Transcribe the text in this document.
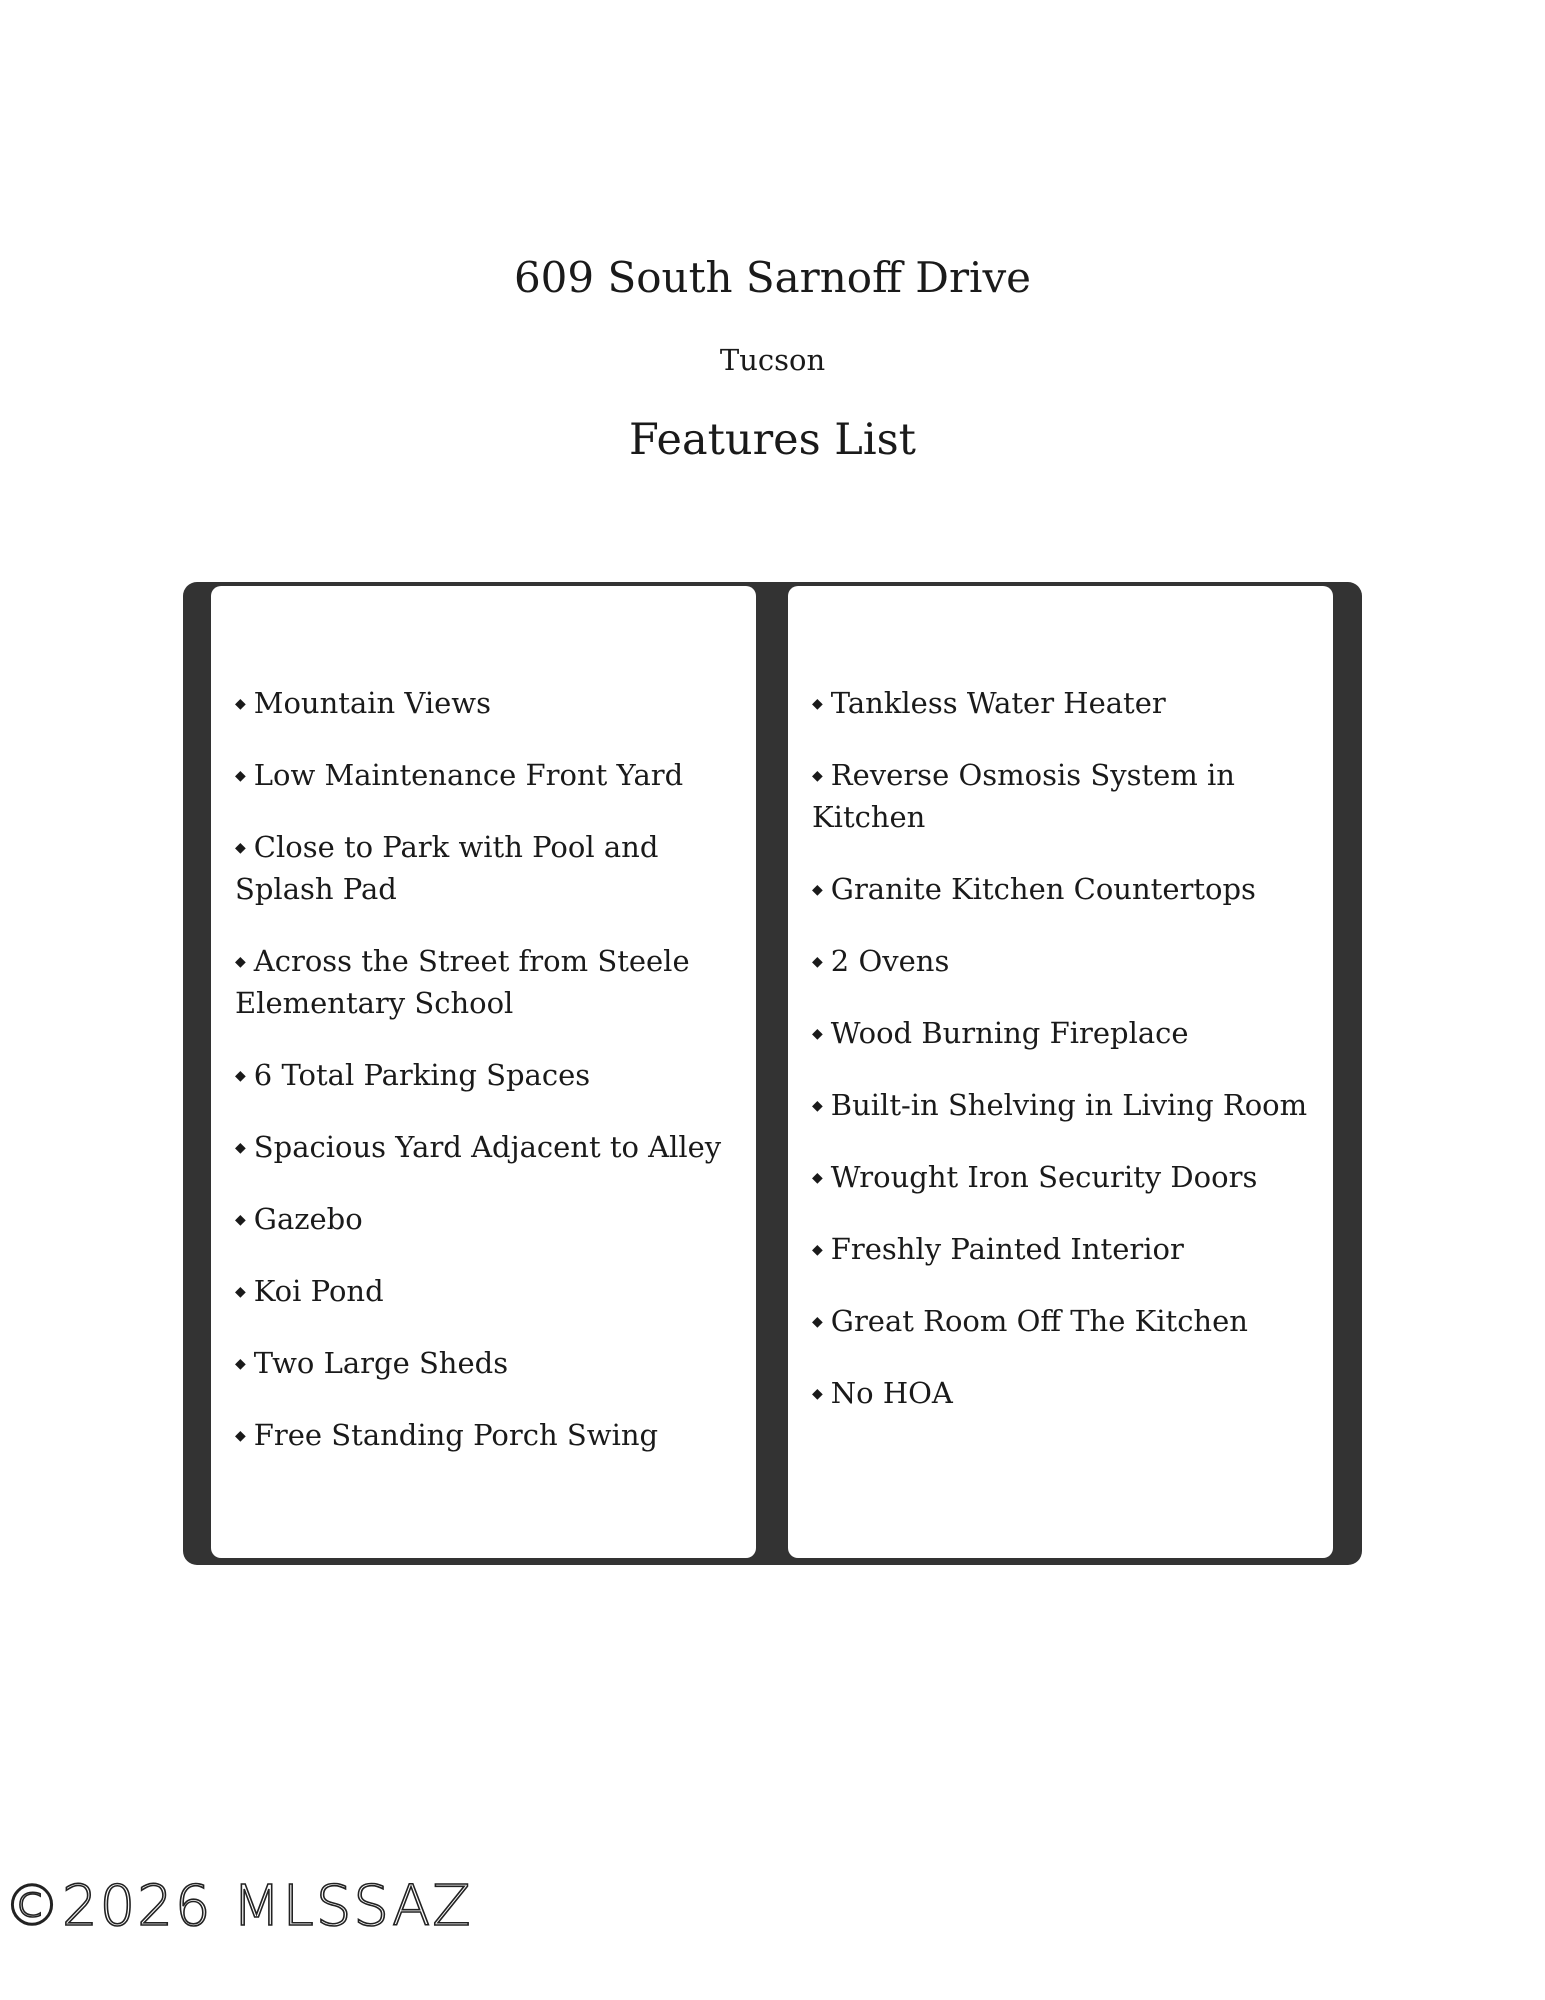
609 South Sarnoff Drive
Tucson
Features List

◆ Mountain Views

◆ Low Maintenance Front Yard

◆ Close to Park with Pool and Splash Pad

◆ Across the Street from Steele Elementary School

◆ 6 Total Parking Spaces

◆ Spacious Yard Adjacent to Alley

◆ Gazebo

◆ Koi Pond

◆ Two Large Sheds

◆ Free Standing Porch Swing

◆ Tankless Water Heater

◆ Reverse Osmosis System in Kitchen

◆ Granite Kitchen Countertops

◆ 2 Ovens

◆ Wood Burning Fireplace

◆ Built-in Shelving in Living Room

◆ Wrought Iron Security Doors

◆ Freshly Painted Interior

◆ Great Room Off The Kitchen

◆ No HOA

©2026 MLSSAZ
